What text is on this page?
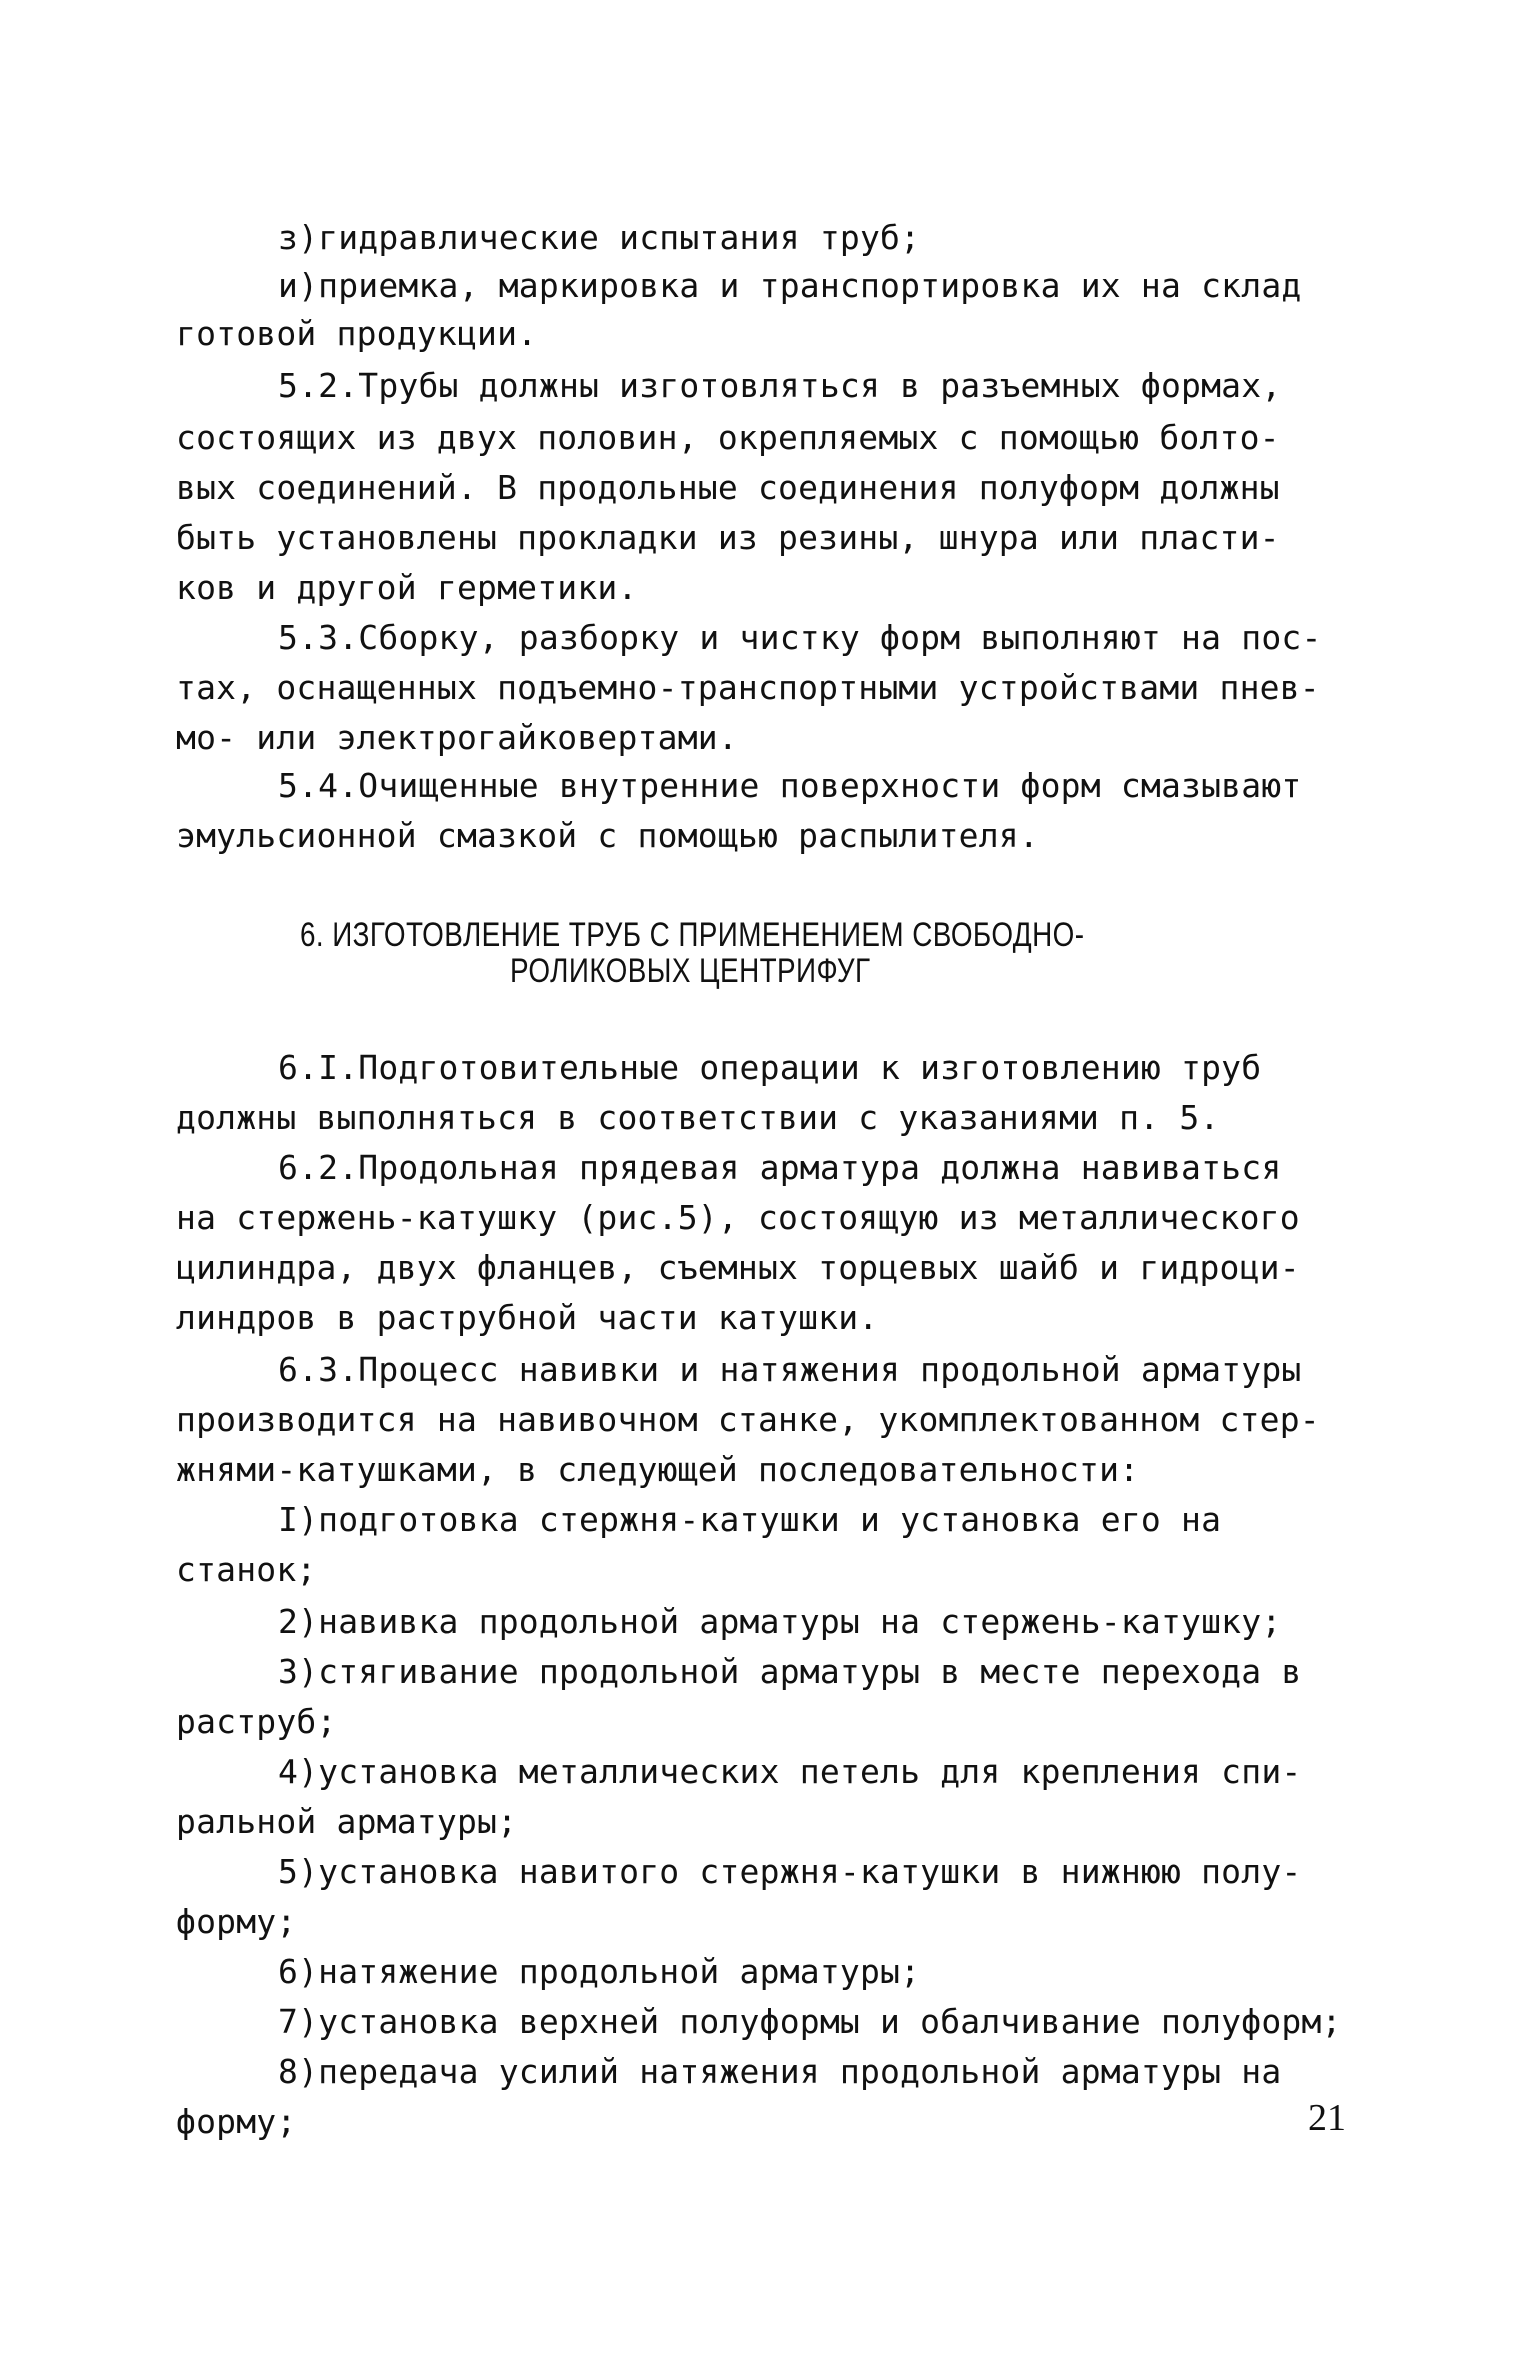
з)гидравлические испытания труб;
и)приемка, маркировка и транспортировка их на склад
готовой продукции.
5.2.Трубы должны изготовляться в разъемных формах,
состоящих из двух половин, окрепляемых с помощью болто-
вых соединений. В продольные соединения полуформ должны
быть установлены прокладки из резины, шнура или пласти-
ков и другой герметики.
5.3.Сборку, разборку и чистку форм выполняют на пос-
тах, оснащенных подъемно-транспортными устройствами пнев-
мо- или электрогайковертами.
5.4.Очищенные внутренние поверхности форм смазывают
эмульсионной смазкой с помощью распылителя.
6. ИЗГОТОВЛЕНИЕ ТРУБ С ПРИМЕНЕНИЕМ СВОБОДНО-
РОЛИКОВЫХ ЦЕНТРИФУГ
6.I.Подготовительные операции к изготовлению труб
должны выполняться в соответствии с указаниями п. 5.
6.2.Продольная прядевая арматура должна навиваться
на стержень-катушку (рис.5), состоящую из металлического
цилиндра, двух фланцев, съемных торцевых шайб и гидроци-
линдров в раструбной части катушки.
6.3.Процесс навивки и натяжения продольной арматуры
производится на навивочном станке, укомплектованном стер-
жнями-катушками, в следующей последовательности:
I)подготовка стержня-катушки и установка его на
станок;
2)навивка продольной арматуры на стержень-катушку;
3)стягивание продольной арматуры в месте перехода в
раструб;
4)установка металлических петель для крепления спи-
ральной арматуры;
5)установка навитого стержня-катушки в нижнюю полу-
форму;
6)натяжение продольной арматуры;
7)установка верхней полуформы и обалчивание полуформ;
8)передача усилий натяжения продольной арматуры на
форму;	21
